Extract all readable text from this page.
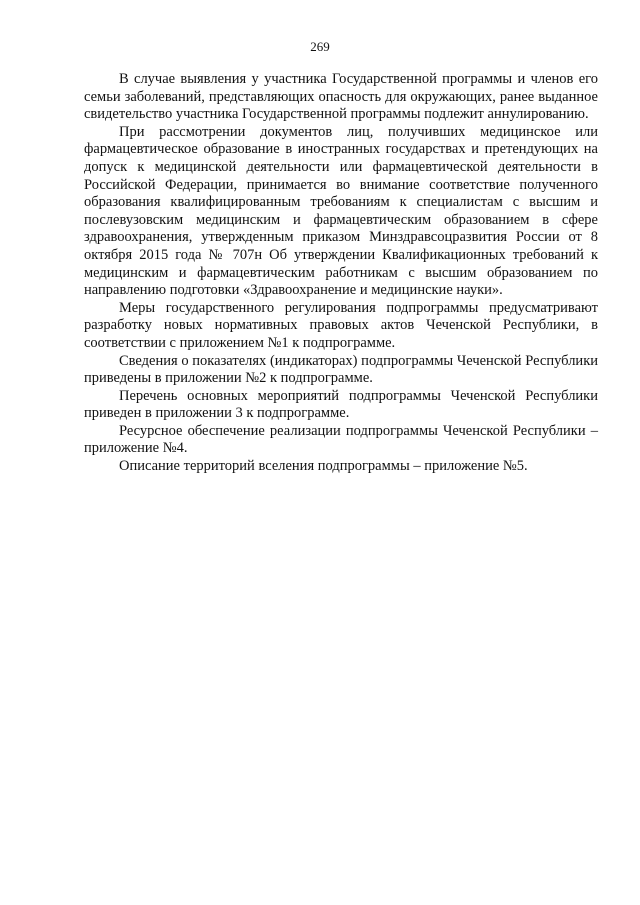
269

В случае выявления у участника Государственной программы и членов его семьи заболеваний, представляющих опасность для окружающих, ранее выданное свидетельство участника Государственной программы подлежит аннулированию.

При рассмотрении документов лиц, получивших медицинское или фармацевтическое образование в иностранных государствах и претендующих на допуск к медицинской деятельности или фармацевтической деятельности в Российской Федерации, принимается во внимание соответствие полученного образования квалифицированным требованиям к специалистам с высшим и послевузовским медицинским и фармацевтическим образованием в сфере здравоохранения, утвержденным приказом Минздравсоцразвития России от 8 октября 2015 года № 707н Об утверждении Квалификационных требований к медицинским и фармацевтическим работникам с высшим образованием по направлению подготовки «Здравоохранение и медицинские науки».

Меры государственного регулирования подпрограммы предусматривают разработку новых нормативных правовых актов Чеченской Республики, в соответствии с приложением №1 к подпрограмме.

Сведения о показателях (индикаторах) подпрограммы Чеченской Республики приведены в приложении №2 к подпрограмме.

Перечень основных мероприятий подпрограммы Чеченской Республики приведен в приложении 3 к подпрограмме.

Ресурсное обеспечение реализации подпрограммы Чеченской Республики – приложение №4.

Описание территорий вселения подпрограммы – приложение №5.
